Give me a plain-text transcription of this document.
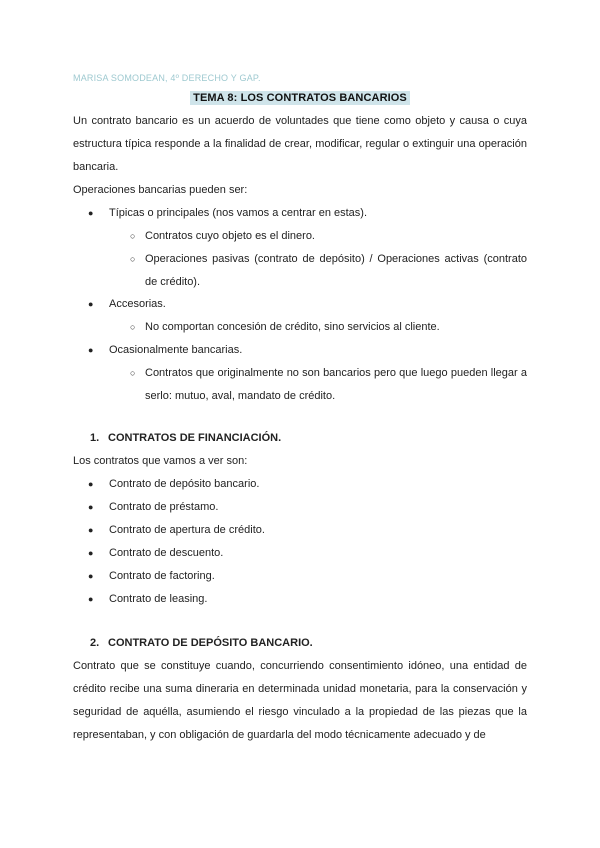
MARISA SOMODEAN, 4º DERECHO Y GAP.
TEMA 8: LOS CONTRATOS BANCARIOS
Un contrato bancario es un acuerdo de voluntades que tiene como objeto y causa o cuya estructura típica responde a la finalidad de crear, modificar, regular o extinguir una operación bancaria.
Operaciones bancarias pueden ser:
● Típicas o principales (nos vamos a centrar en estas).
○ Contratos cuyo objeto es el dinero.
○ Operaciones pasivas (contrato de depósito) / Operaciones activas (contrato de crédito).
● Accesorias.
○ No comportan concesión de crédito, sino servicios al cliente.
● Ocasionalmente bancarias.
○ Contratos que originalmente no son bancarios pero que luego pueden llegar a serlo: mutuo, aval, mandato de crédito.
1. CONTRATOS DE FINANCIACIÓN.
Los contratos que vamos a ver son:
● Contrato de depósito bancario.
● Contrato de préstamo.
● Contrato de apertura de crédito.
● Contrato de descuento.
● Contrato de factoring.
● Contrato de leasing.
2. CONTRATO DE DEPÓSITO BANCARIO.
Contrato que se constituye cuando, concurriendo consentimiento idóneo, una entidad de crédito recibe una suma dineraria en determinada unidad monetaria, para la conservación y seguridad de aquélla, asumiendo el riesgo vinculado a la propiedad de las piezas que la representaban, y con obligación de guardarla del modo técnicamente adecuado y de
